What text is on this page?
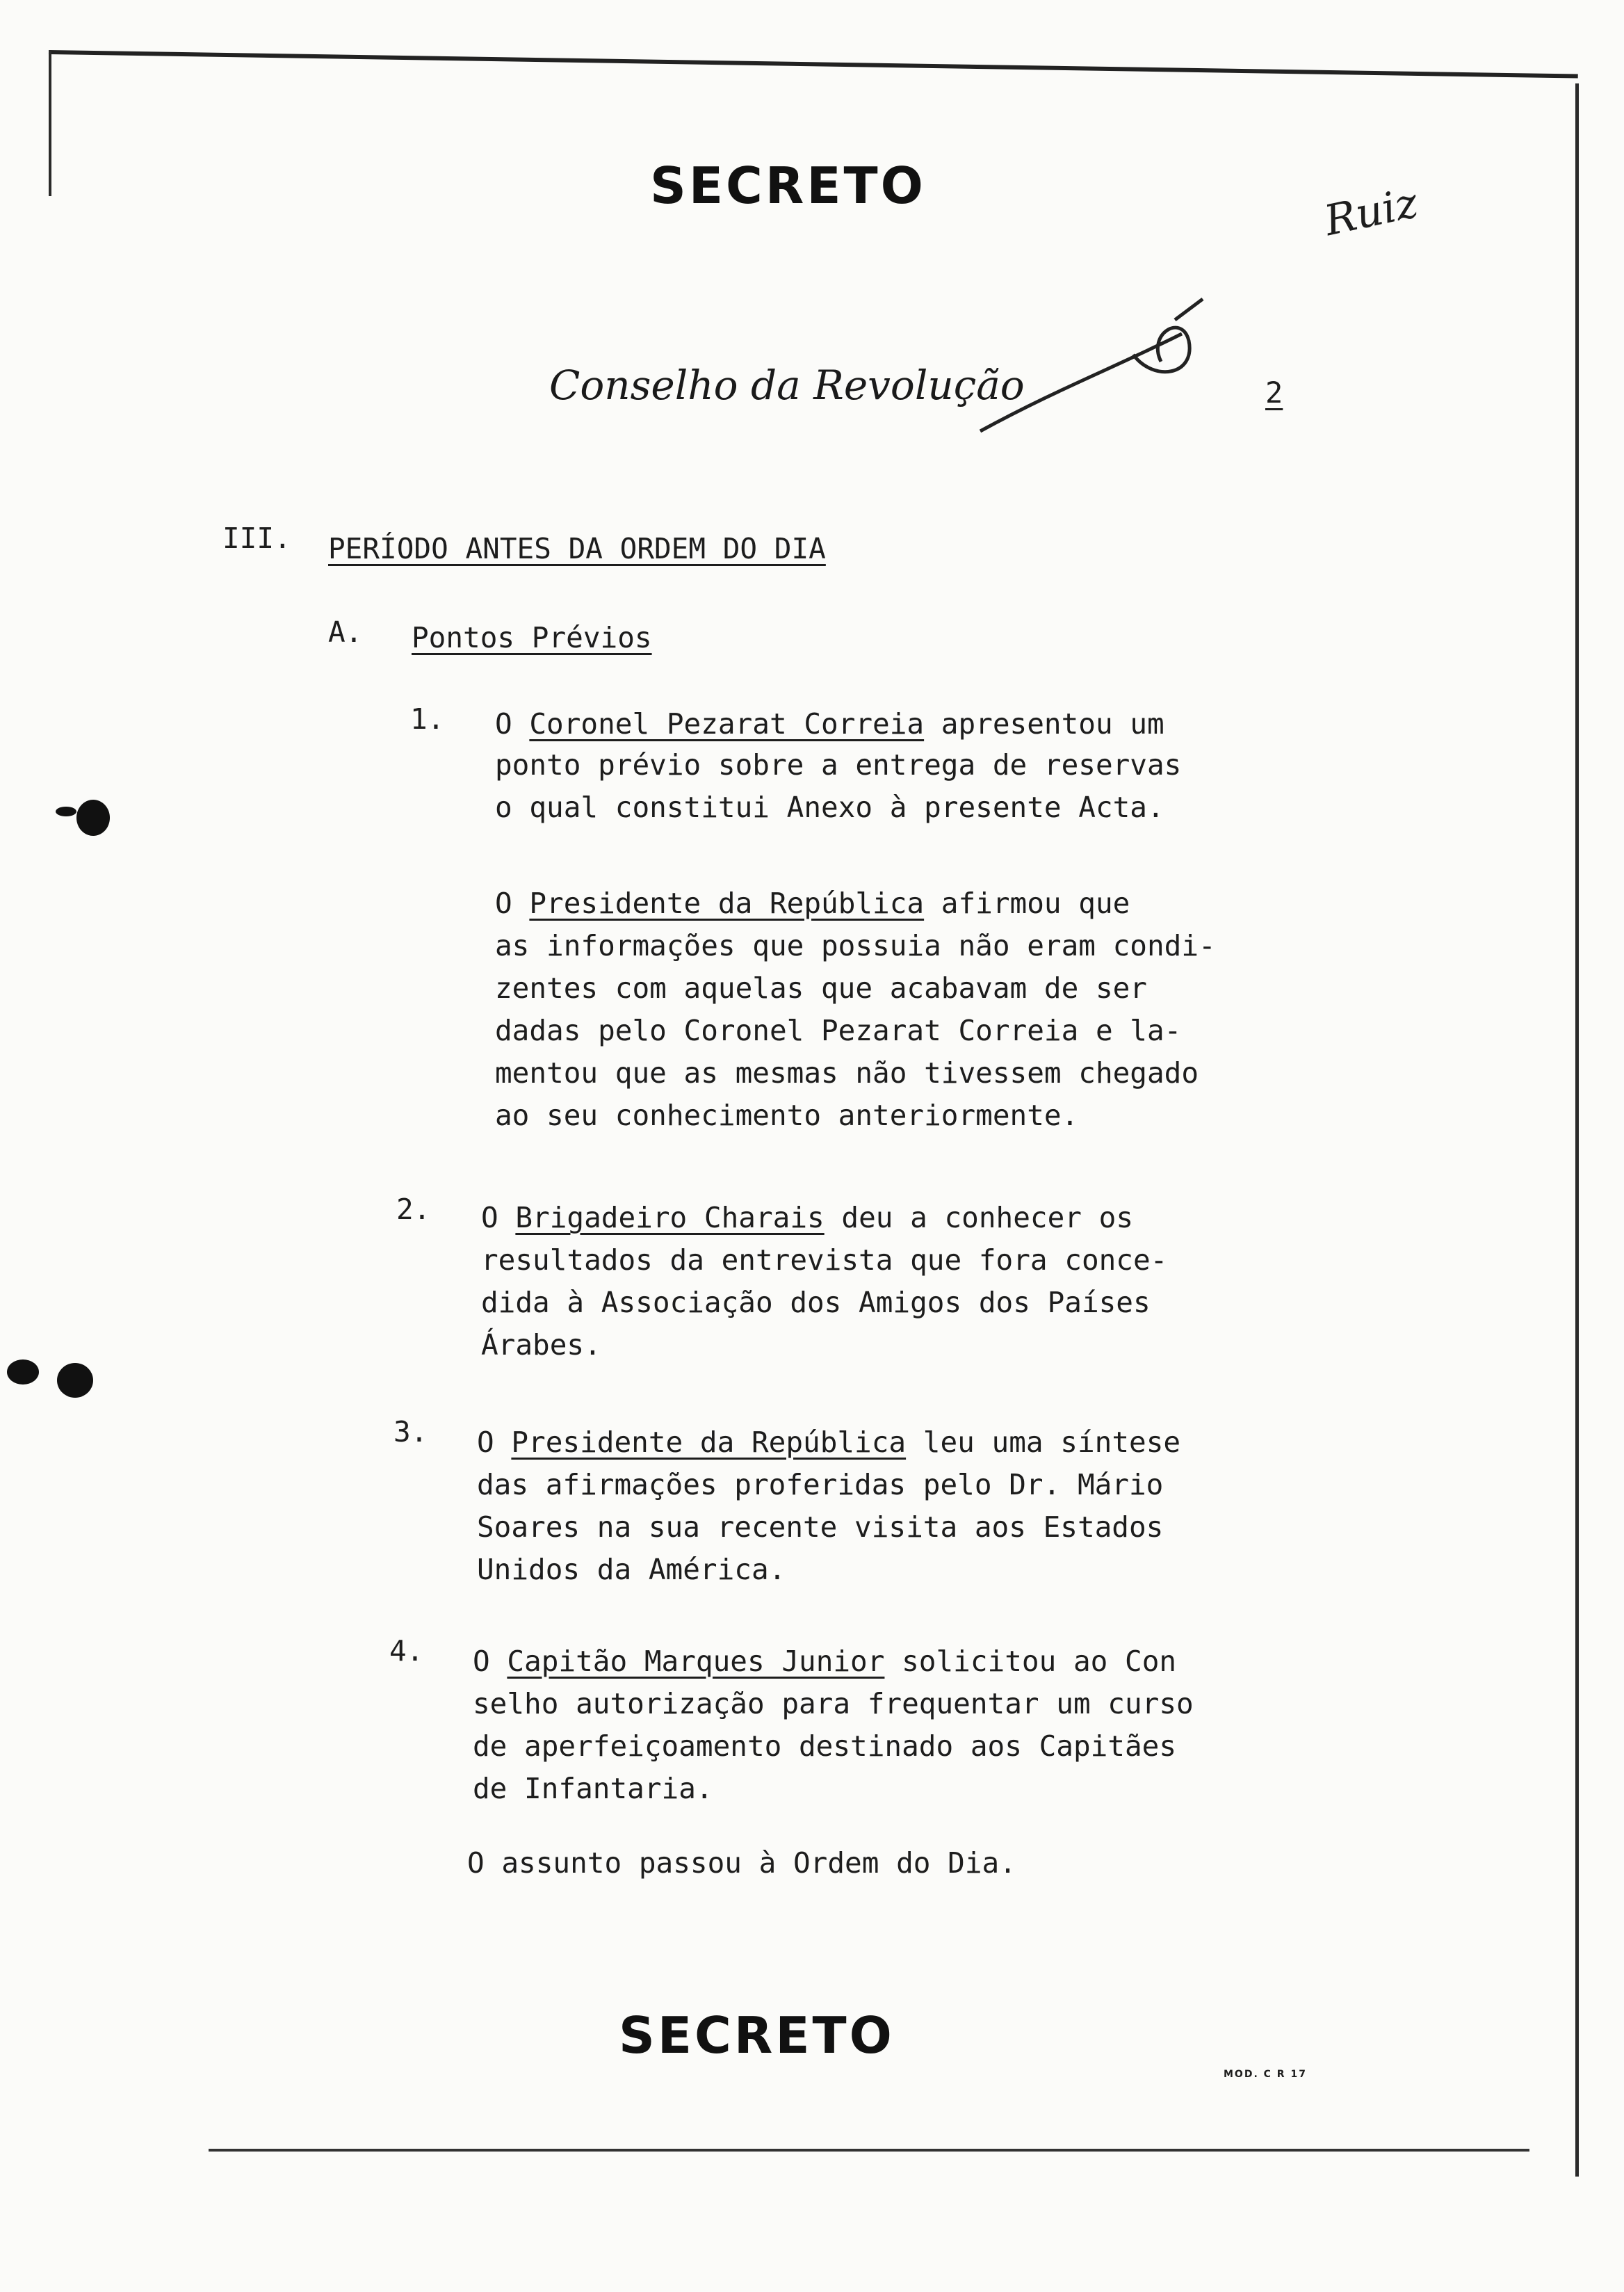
SECRETO	Ruiz
Conselho da Revolução	2
III. PERÍODO ANTES DA ORDEM DO DIA
A. Pontos Prévios
1. O Coronel Pezarat Correia apresentou um
ponto prévio sobre a entrega de reservas
o qual constitui Anexo à presente Acta.
O Presidente da República afirmou que
as informações que possuia não eram condi-
zentes com aquelas que acabavam de ser
dadas pelo Coronel Pezarat Correia e la-
mentou que as mesmas não tivessem chegado
ao seu conhecimento anteriormente.
2. O Brigadeiro Charais deu a conhecer os
resultados da entrevista que fora conce-
dida à Associação dos Amigos dos Países
Árabes.
3. O Presidente da República leu uma síntese
das afirmações proferidas pelo Dr. Mário
Soares na sua recente visita aos Estados
Unidos da América.
4. O Capitão Marques Junior solicitou ao Con
selho autorização para frequentar um curso
de aperfeiçoamento destinado aos Capitães
de Infantaria.
O assunto passou à Ordem do Dia.
SECRETO
MOD. C R 17
